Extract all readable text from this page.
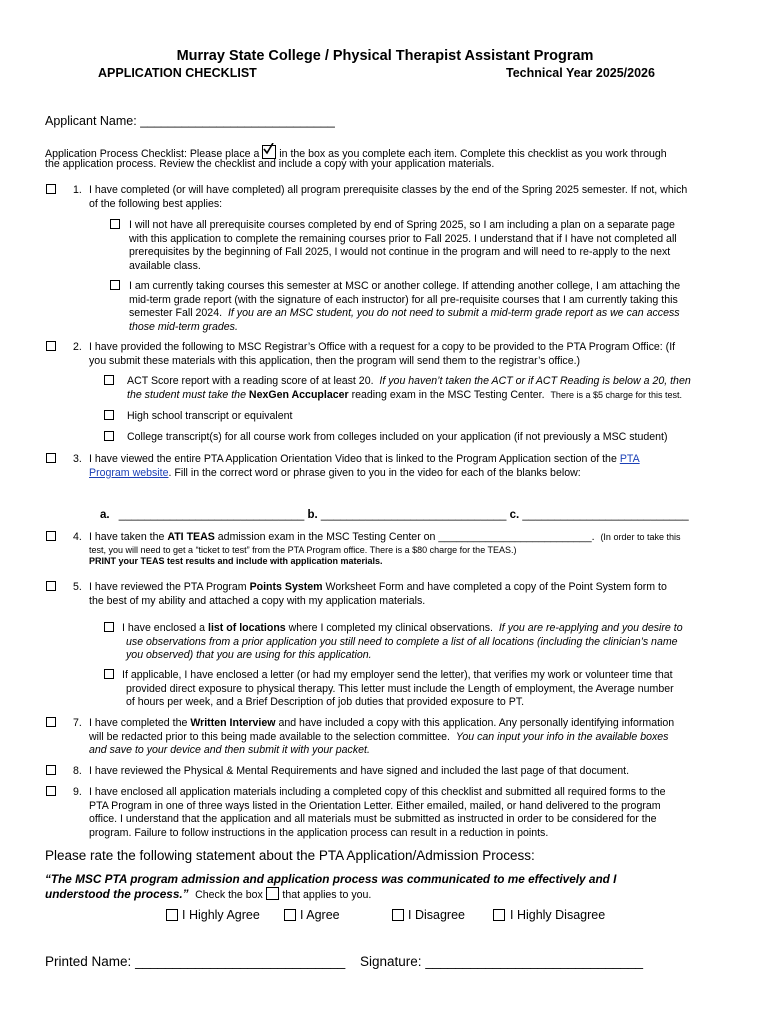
Murray State College / Physical Therapist Assistant Program
APPLICATION CHECKLIST	Technical Year 2025/2026
Applicant Name: ____________________________
Application Process Checklist: Please place a in the box as you complete each item. Complete this checklist as you work through
the application process. Review the checklist and include a copy with your application materials.
1. I have completed (or will have completed) all program prerequisite classes by the end of the Spring 2025 semester. If not, which
of the following best applies:
I will not have all prerequisite courses completed by end of Spring 2025, so I am including a plan on a separate page
with this application to complete the remaining courses prior to Fall 2025. I understand that if I have not completed all
prerequisites by the beginning of Fall 2025, I would not continue in the program and will need to re-apply to the next
available class.
I am currently taking courses this semester at MSC or another college. If attending another college, I am attaching the
mid-term grade report (with the signature of each instructor) for all pre-requisite courses that I am currently taking this
semester Fall 2024. If you are an MSC student, you do not need to submit a mid-term grade report as we can access
those mid-term grades.
2. I have provided the following to MSC Registrar’s Office with a request for a copy to be provided to the PTA Program Office: (If
you submit these materials with this application, then the program will send them to the registrar’s office.)
ACT Score report with a reading score of at least 20. If you haven’t taken the ACT or if ACT Reading is below a 20, then
the student must take the NexGen Accuplacer reading exam in the MSC Testing Center. There is a $5 charge for this test.
High school transcript or equivalent
College transcript(s) for all course work from colleges included on your application (if not previously a MSC student)
3. I have viewed the entire PTA Application Orientation Video that is linked to the Program Application section of the PTA
Program website. Fill in the correct word or phrase given to you in the video for each of the blanks below:
a. _____________________________ b. _____________________________ c. __________________________
4. I have taken the ATI TEAS admission exam in the MSC Testing Center on __________________________. (In order to take this
test, you will need to get a “ticket to test” from the PTA Program office. There is a $80 charge for the TEAS.)
PRINT your TEAS test results and include with application materials.
5. I have reviewed the PTA Program Points System Worksheet Form and have completed a copy of the Point System form to
the best of my ability and attached a copy with my application materials.
I have enclosed a list of locations where I completed my clinical observations. If you are re-applying and you desire to
use observations from a prior application you still need to complete a list of all locations (including the clinician’s name
you observed) that you are using for this application.
If applicable, I have enclosed a letter (or had my employer send the letter), that verifies my work or volunteer time that
provided direct exposure to physical therapy. This letter must include the Length of employment, the Average number
of hours per week, and a Brief Description of job duties that provided exposure to PT.
7. I have completed the Written Interview and have included a copy with this application. Any personally identifying information
will be redacted prior to this being made available to the selection committee. You can input your info in the available boxes
and save to your device and then submit it with your packet.
8. I have reviewed the Physical & Mental Requirements and have signed and included the last page of that document.
9. I have enclosed all application materials including a completed copy of this checklist and submitted all required forms to the
PTA Program in one of three ways listed in the Orientation Letter. Either emailed, mailed, or hand delivered to the program
office. I understand that the application and all materials must be submitted as instructed in order to be considered for the
program. Failure to follow instructions in the application process can result in a reduction in points.
Please rate the following statement about the PTA Application/Admission Process:
“The MSC PTA program admission and application process was communicated to me effectively and I
understood the process.” Check the box that applies to you.
I Highly Agree	I Agree	I Disagree	I Highly Disagree
Printed Name: ____________________________ Signature: _____________________________
